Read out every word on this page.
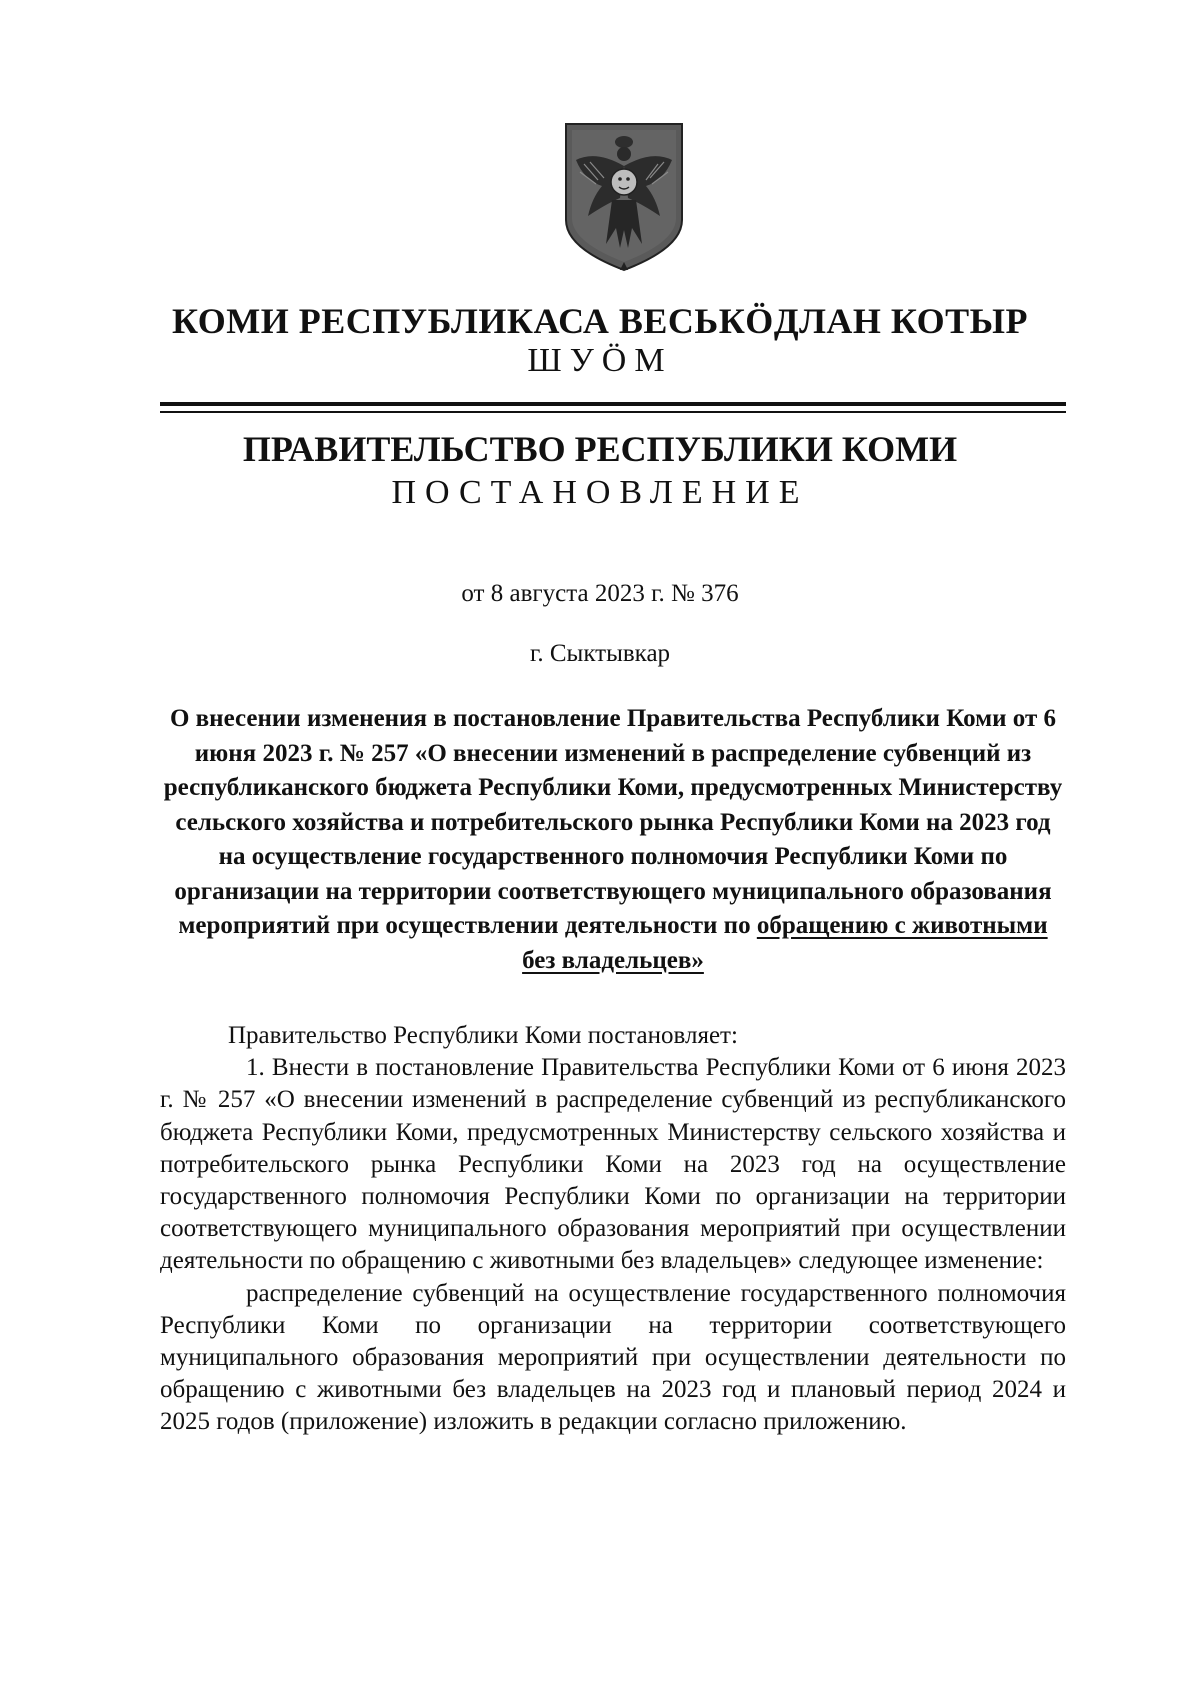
КОМИ РЕСПУБЛИКАСА ВЕСЬКӦДЛАН КОТЫР
ШУӦМ
ПРАВИТЕЛЬСТВО РЕСПУБЛИКИ КОМИ
ПОСТАНОВЛЕНИЕ
от 8 августа 2023 г. № 376
г. Сыктывкар
О внесении изменения в постановление Правительства Республики Коми от 6 июня 2023 г. № 257 «О внесении изменений в распределение субвенций из республиканского бюджета Республики Коми, предусмотренных Министерству сельского хозяйства и потребительского рынка Республики Коми на 2023 год на осуществление государственного полномочия Республики Коми по организации на территории соответствующего муниципального образования мероприятий при осуществлении деятельности по обращению с животными без владельцев»

Правительство Республики Коми постановляет:

1. Внести в постановление Правительства Республики Коми от 6 июня 2023 г. № 257 «О внесении изменений в распределение субвенций из республиканского бюджета Республики Коми, предусмотренных Министерству сельского хозяйства и потребительского рынка Республики Коми на 2023 год на осуществление государственного полномочия Республики Коми по организации на территории соответствующего муниципального образования мероприятий при осуществлении деятельности по обращению с животными без владельцев» следующее изменение:

распределение субвенций на осуществление государственного полномочия Республики Коми по организации на территории соответствующего муниципального образования мероприятий при осуществлении деятельности по обращению с животными без владельцев на 2023 год и плановый период 2024 и 2025 годов (приложение) изложить в редакции согласно приложению.
